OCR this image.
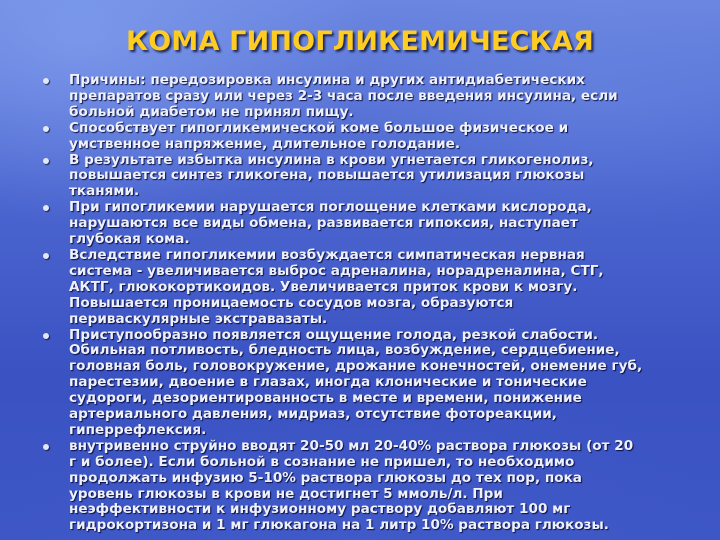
КОМА ГИПОГЛИКЕМИЧЕСКАЯ
Причины: передозировка инсулина и других антидиабетических
препаратов сразу или через 2-3 часа после введения инсулина, если
больной диабетом не принял пищу.
Способствует гипогликемической коме большое физическое и
умственное напряжение, длительное голодание.
В результате избытка инсулина в крови угнетается гликогенолиз,
повышается синтез гликогена, повышается утилизация глюкозы
тканями.
При гипогликемии нарушается поглощение клетками кислорода,
нарушаются все виды обмена, развивается гипоксия, наступает
глубокая кома.
Вследствие гипогликемии возбуждается симпатическая нервная
система - увеличивается выброс адреналина, норадреналина, СТГ,
АКТГ, глюкокортикоидов. Увеличивается приток крови к мозгу.
Повышается проницаемость сосудов мозга, образуются
периваскулярные экстравазаты.
Приступообразно появляется ощущение голода, резкой слабости.
Обильная потливость, бледность лица, возбуждение, сердцебиение,
головная боль, головокружение, дрожание конечностей, онемение губ,
парестезии, двоение в глазах, иногда клонические и тонические
судороги, дезориентированность в месте и времени, понижение
артериального давления, мидриаз, отсутствие фотореакции,
гиперрефлексия.
внутривенно струйно вводят 20-50 мл 20-40% раствора глюкозы (от 20
г и более). Если больной в сознание не пришел, то необходимо
продолжать инфузию 5-10% раствора глюкозы до тех пор, пока
уровень глюкозы в крови не достигнет 5 ммоль/л. При
неэффективности к инфузионному раствору добавляют 100 мг
гидрокортизона и 1 мг глюкагона на 1 литр 10% раствора глюкозы.
